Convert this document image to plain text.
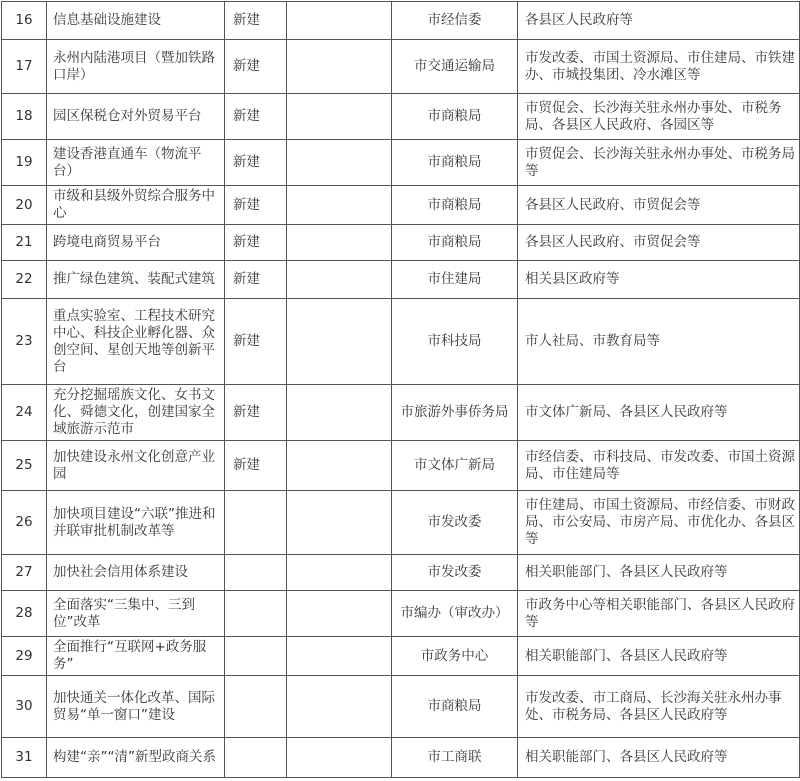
16	信息基础设施建设	新建		市经信委	各县区人民政府等
17	永州内陆港项目（暨加铁路口岸）	新建		市交通运输局	市发改委、市国土资源局、市住建局、市铁建办、市城投集团、冷水滩区等
18	园区保税仓对外贸易平台	新建		市商粮局	市贸促会、长沙海关驻永州办事处、市税务局、各县区人民政府、各园区等
19	建设香港直通车（物流平台）	新建		市商粮局	市贸促会、长沙海关驻永州办事处、市税务局等
20	市级和县级外贸综合服务中心	新建		市商粮局	各县区人民政府、市贸促会等
21	跨境电商贸易平台	新建		市商粮局	各县区人民政府、市贸促会等
22	推广绿色建筑、装配式建筑	新建		市住建局	相关县区政府等
23	重点实验室、工程技术研究中心、科技企业孵化器、众创空间、星创天地等创新平台	新建		市科技局	市人社局、市教育局等
24	充分挖掘瑶族文化、女书文化、舜德文化，创建国家全域旅游示范市	新建		市旅游外事侨务局	市文体广新局、各县区人民政府等
25	加快建设永州文化创意产业园	新建		市文体广新局	市经信委、市科技局、市发改委、市国土资源局、市住建局等
26	加快项目建设“六联”推进和并联审批机制改革等			市发改委	市住建局、市国土资源局、市经信委、市财政局、市公安局、市房产局、市优化办、各县区等
27	加快社会信用体系建设			市发改委	相关职能部门、各县区人民政府等
28	全面落实“三集中、三到位”改革			市编办（审改办）	市政务中心等相关职能部门、各县区人民政府等
29	全面推行“互联网+政务服务”			市政务中心	相关职能部门、各县区人民政府等
30	加快通关一体化改革、国际贸易“单一窗口”建设			市商粮局	市发改委、市工商局、长沙海关驻永州办事处、市税务局、各县区人民政府等
31	构建“亲”“清”新型政商关系			市工商联	相关职能部门、各县区人民政府等
